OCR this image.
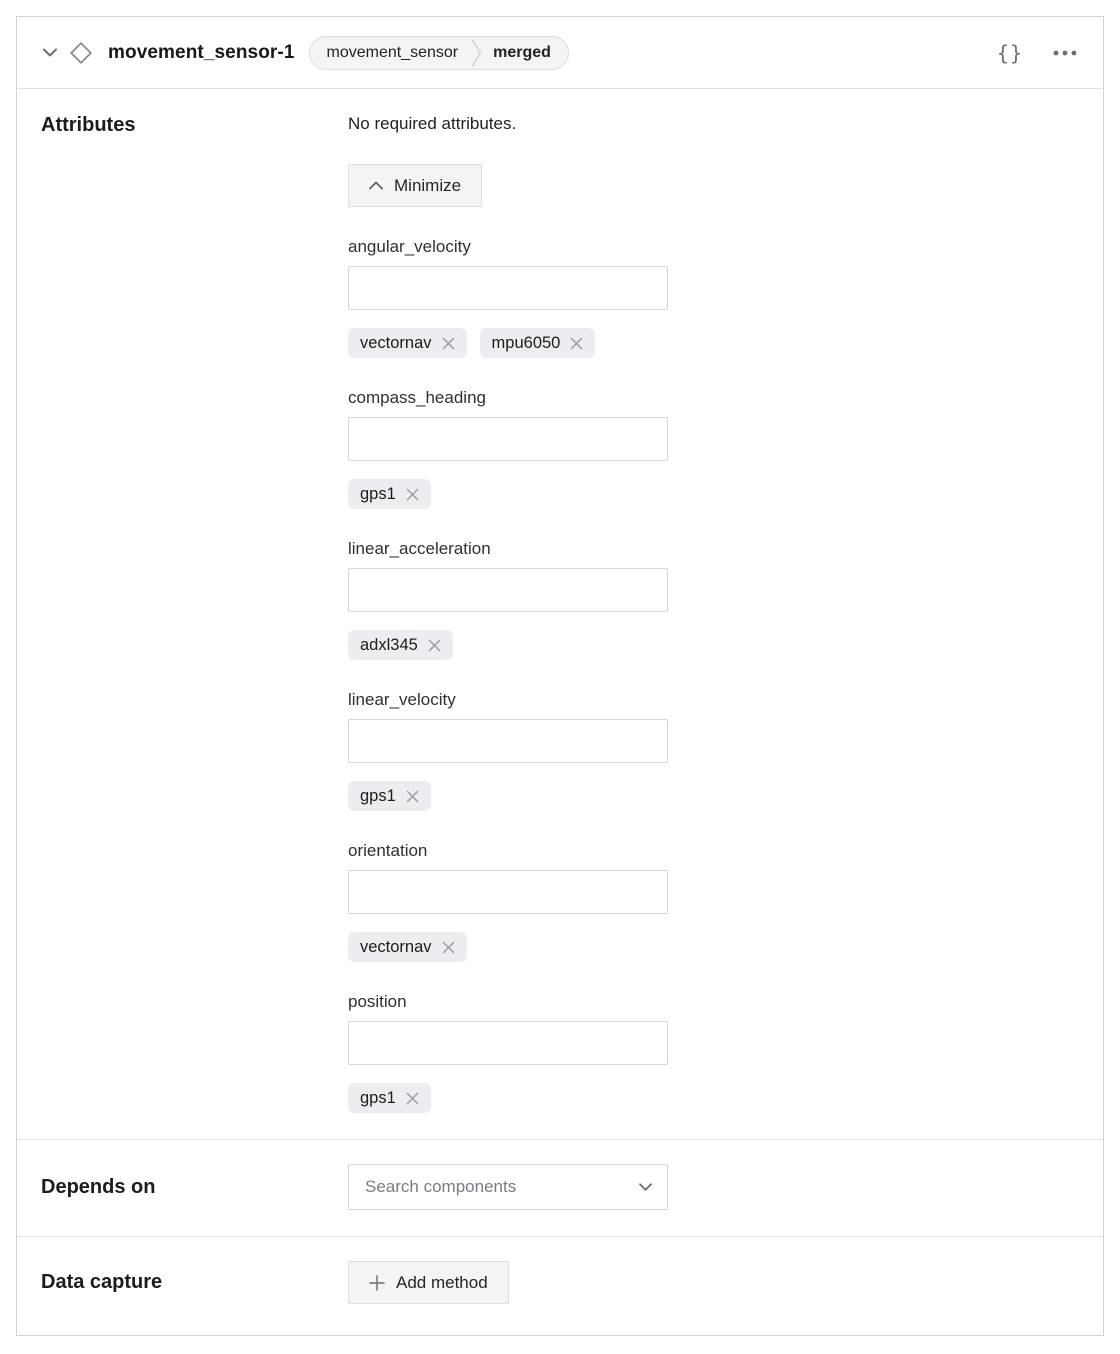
movement_sensor-1	movement_sensor	merged	{}
Attributes	No required attributes.
Minimize
angular_velocity
vectornav	mpu6050
compass_heading
gps1
linear_acceleration
adxl345
linear_velocity
gps1
orientation
vectornav
position
gps1
Depends on	Search components
Data capture	Add method
